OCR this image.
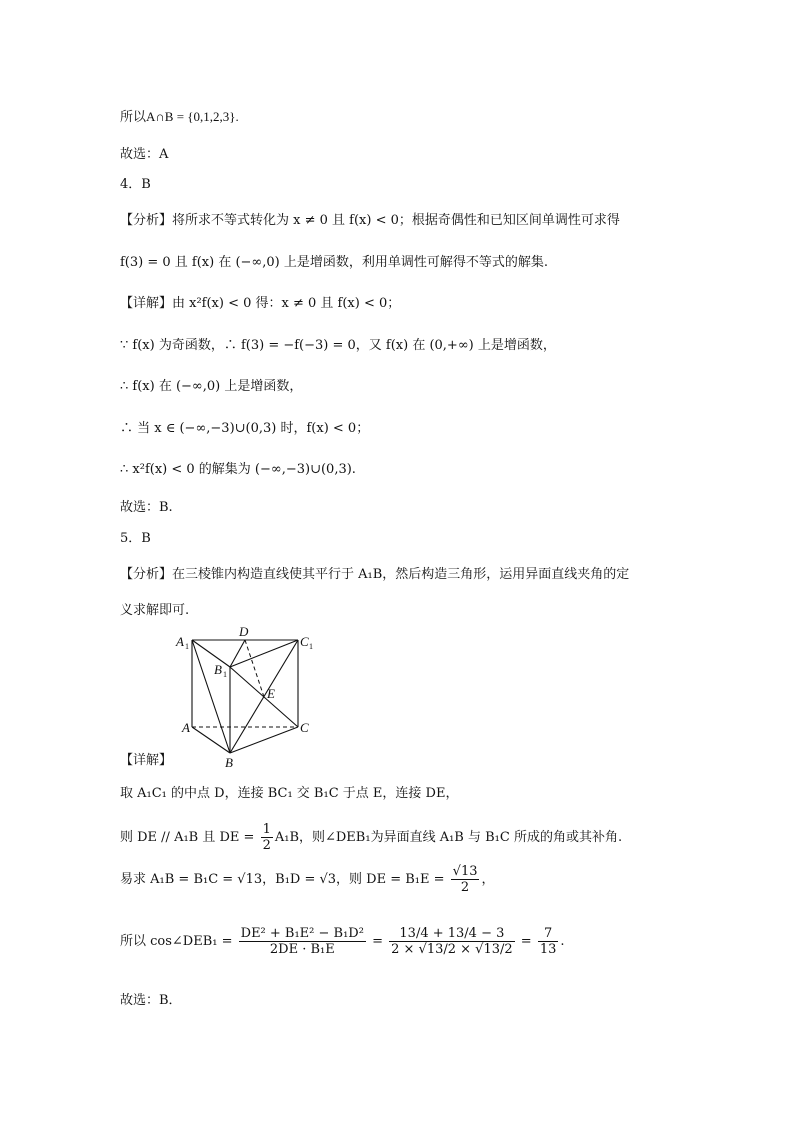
所以A∩B = {0,1,2,3}.
故选：A
4．B
【分析】将所求不等式转化为 x ≠ 0 且 f(x) < 0；根据奇偶性和已知区间单调性可求得
f(3) = 0 且 f(x) 在 (−∞,0) 上是增函数，利用单调性可解得不等式的解集.
【详解】由 x²f(x) < 0 得：x ≠ 0 且 f(x) < 0；
∵ f(x) 为奇函数，∴ f(3) = −f(−3) = 0，又 f(x) 在 (0,+∞) 上是增函数，
∴ f(x) 在 (−∞,0) 上是增函数，
∴ 当 x ∈ (−∞,−3)∪(0,3) 时，f(x) < 0；
∴ x²f(x) < 0 的解集为 (−∞,−3)∪(0,3).
故选：B.
5．B
【分析】在三棱锥内构造直线使其平行于 A₁B，然后构造三角形，运用异面直线夹角的定
义求解即可.
A 1
D
C 1
B 1
E
A	C
B
【详解】
取 A₁C₁ 的中点 D，连接 BC₁ 交 B₁C 于点 E，连接 DE，
则 DE // A₁B 且 DE = $\frac{1}{2} A_1B$，则∠DEB₁为异面直线 A₁B 与 B₁C 所成的角或其补角.
易求 A₁B = B₁C = √13，B₁D = √3，则 DE = $B_1E = \frac{√13}{2}$ ，
所以 cos∠DEB₁ = $\frac{\text{DE² + B₁E² − B₁D²}}{\text{2DE · B₁E}} = \frac{13/4 + 13/4 - 3}{2 \times √13/2 \times √13/2} = \frac{7}{13}$ .
故选：B．
